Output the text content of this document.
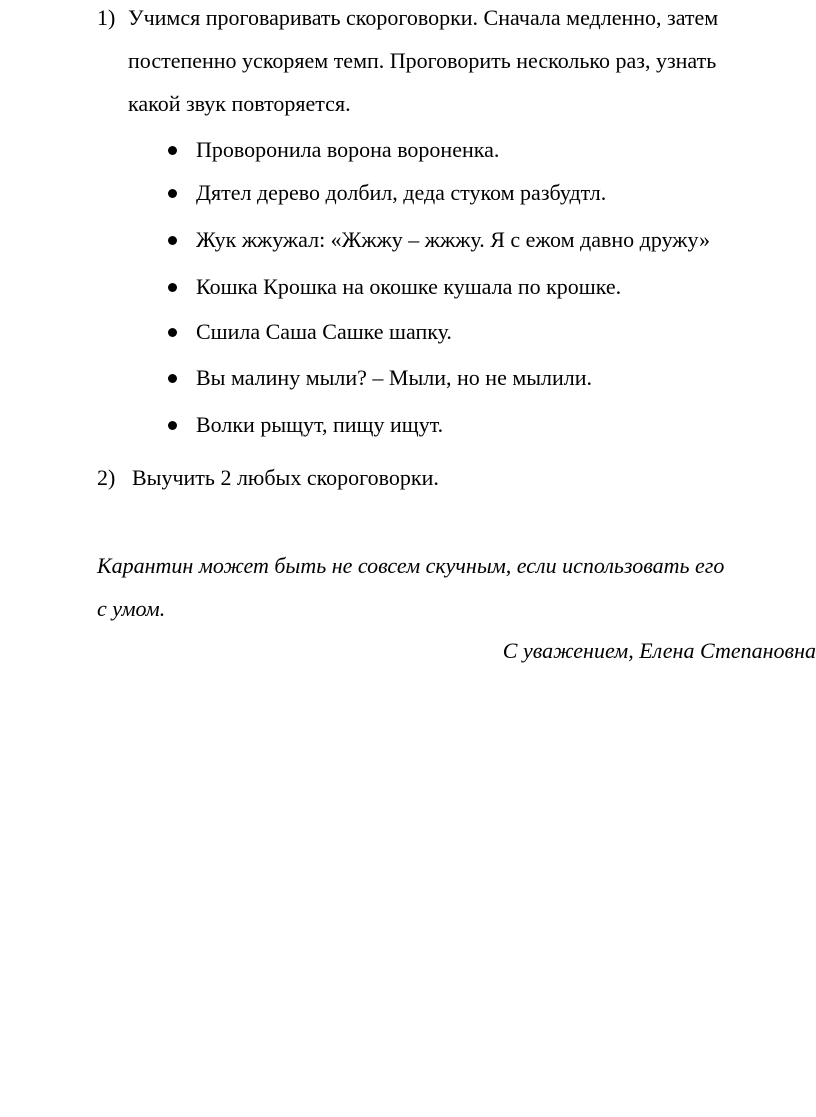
1) Учимся проговаривать скороговорки. Сначала медленно, затем
постепенно ускоряем темп. Проговорить несколько раз, узнать
какой звук повторяется.
Проворонила ворона вороненка.
Дятел дерево долбил, деда стуком разбудтл.
Жук жжужал: «Жжжу – жжжу. Я с ежом давно дружу»
Кошка Крошка на окошке кушала по крошке.
Сшила Саша Сашке шапку.
Вы малину мыли? – Мыли, но не мылили.
Волки рыщут, пищу ищут.
2) Выучить 2 любых скороговорки.
Карантин может быть не совсем скучным, если использовать его
с умом.
С уважением, Елена Степановна
